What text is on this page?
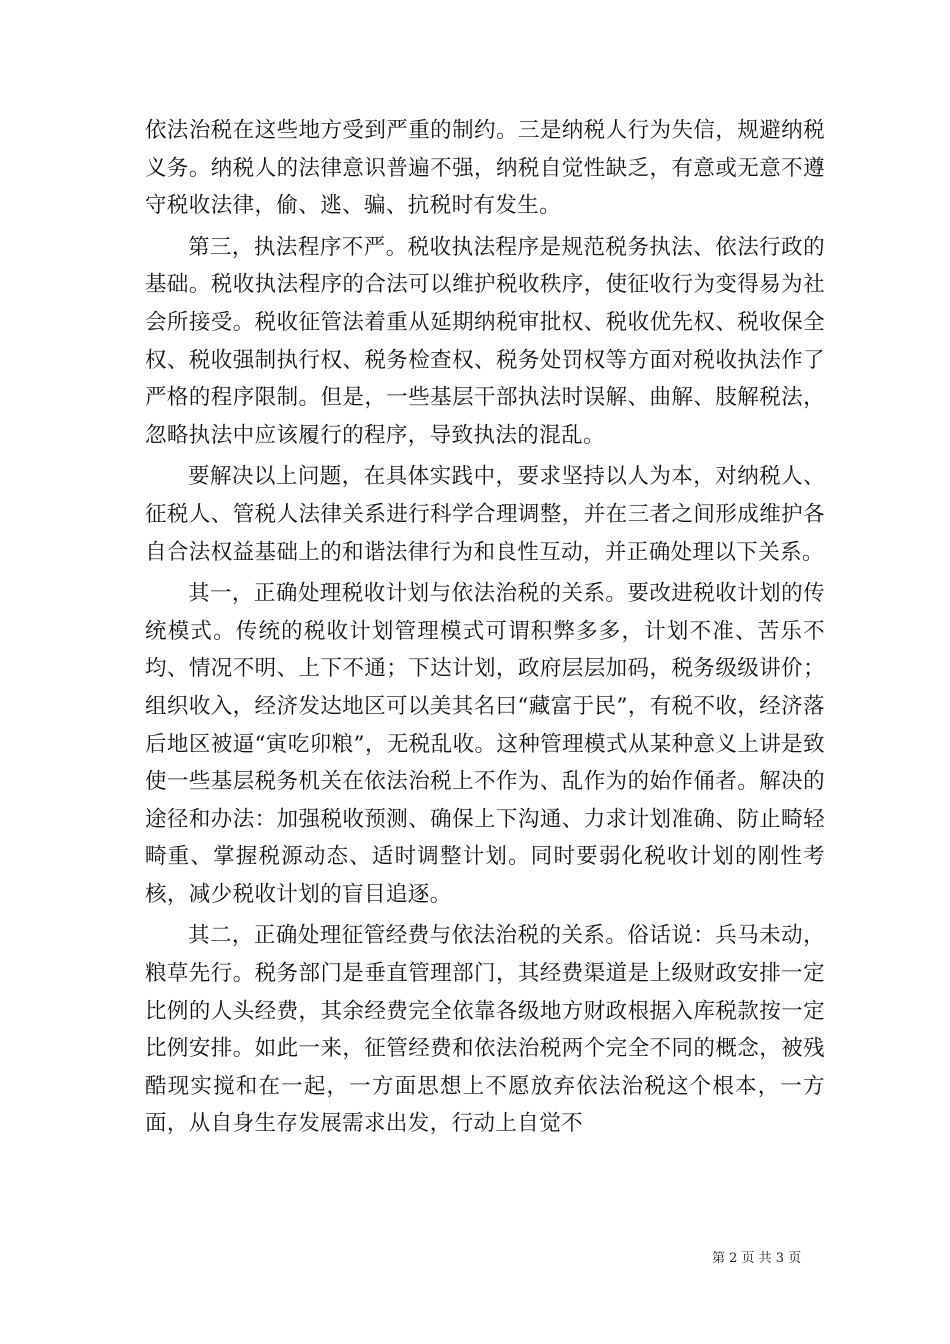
依法治税在这些地方受到严重的制约。三是纳税人行为失信，规避纳税义务。纳税人的法律意识普遍不强，纳税自觉性缺乏，有意或无意不遵守税收法律，偷、逃、骗、抗税时有发生。

第三，执法程序不严。税收执法程序是规范税务执法、依法行政的基础。税收执法程序的合法可以维护税收秩序，使征收行为变得易为社会所接受。税收征管法着重从延期纳税审批权、税收优先权、税收保全权、税收强制执行权、税务检查权、税务处罚权等方面对税收执法作了严格的程序限制。但是，一些基层干部执法时误解、曲解、肢解税法，忽略执法中应该履行的程序，导致执法的混乱。

要解决以上问题，在具体实践中，要求坚持以人为本，对纳税人、征税人、管税人法律关系进行科学合理调整，并在三者之间形成维护各自合法权益基础上的和谐法律行为和良性互动，并正确处理以下关系。

其一，正确处理税收计划与依法治税的关系。要改进税收计划的传统模式。传统的税收计划管理模式可谓积弊多多，计划不准、苦乐不均、情况不明、上下不通；下达计划，政府层层加码，税务级级讲价；组织收入，经济发达地区可以美其名曰“藏富于民”，有税不收，经济落后地区被逼“寅吃卯粮”，无税乱收。这种管理模式从某种意义上讲是致使一些基层税务机关在依法治税上不作为、乱作为的始作俑者。解决的途径和办法：加强税收预测、确保上下沟通、力求计划准确、防止畸轻畸重、掌握税源动态、适时调整计划。同时要弱化税收计划的刚性考核，减少税收计划的盲目追逐。

其二，正确处理征管经费与依法治税的关系。俗话说：兵马未动，粮草先行。税务部门是垂直管理部门，其经费渠道是上级财政安排一定比例的人头经费，其余经费完全依靠各级地方财政根据入库税款按一定比例安排。如此一来，征管经费和依法治税两个完全不同的概念，被残酷现实搅和在一起，一方面思想上不愿放弃依法治税这个根本，一方面，从自身生存发展需求出发，行动上自觉不

第 2 页 共 3 页
